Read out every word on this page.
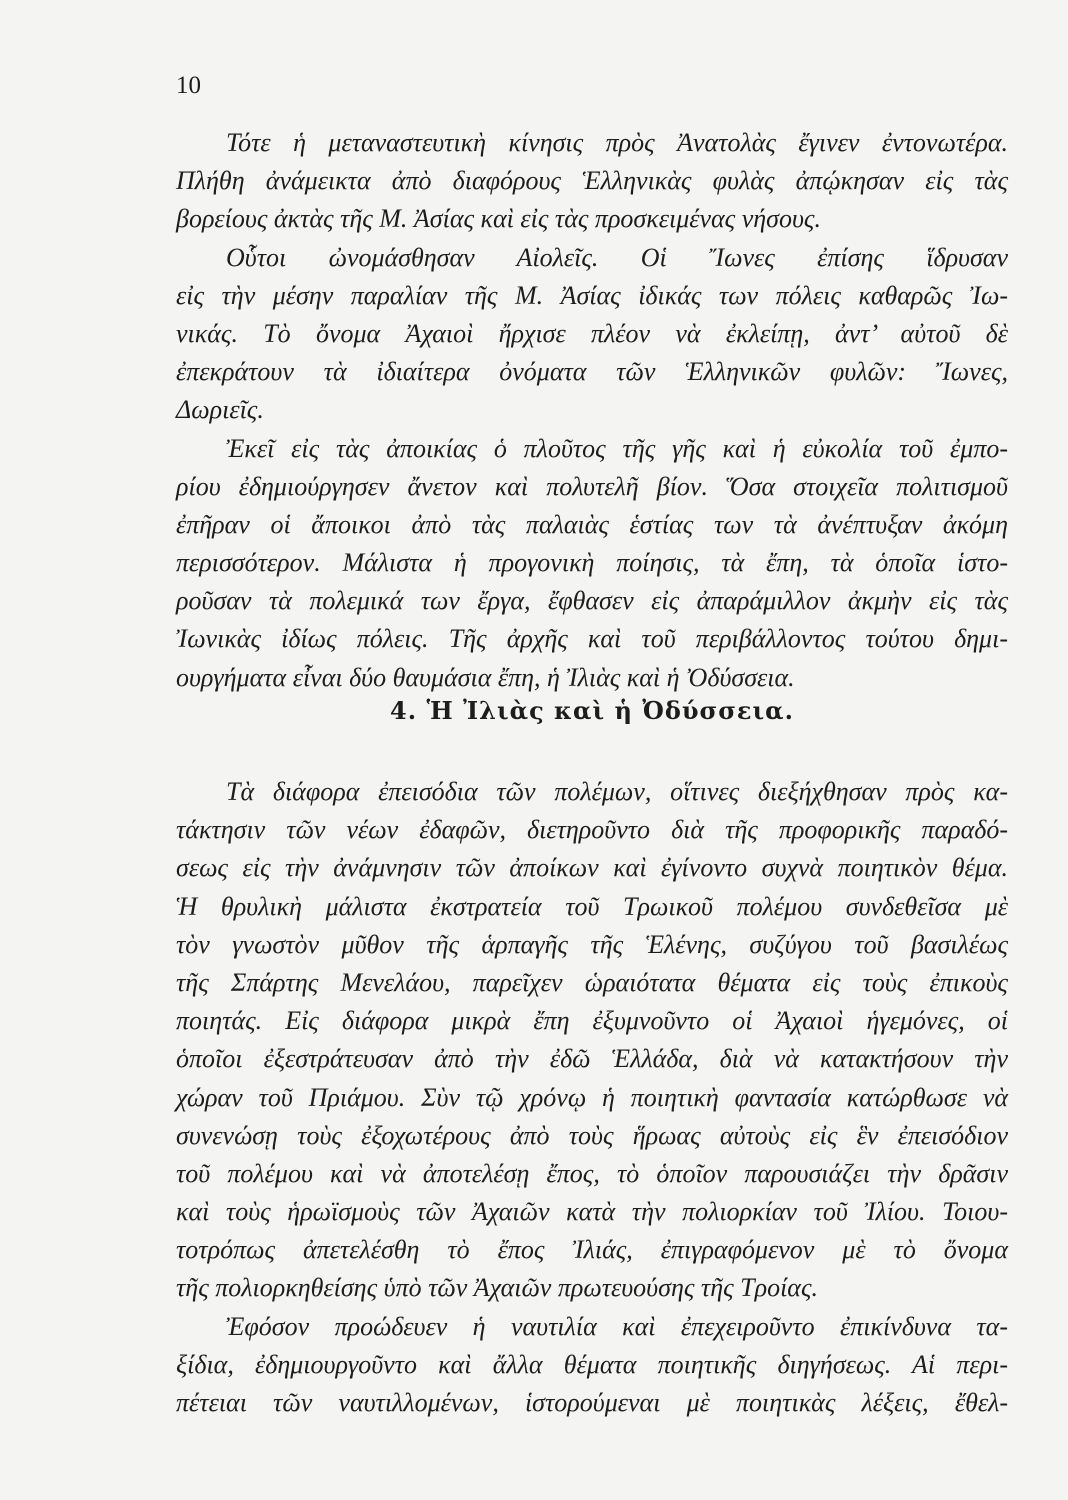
10
Τότε ἡ μεταναστευτικὴ κίνησις πρὸς Ἀνατολὰς ἔγινεν ἐντονωτέρα.
Πλήθη ἀνάμεικτα ἀπὸ διαφόρους Ἑλληνικὰς φυλὰς ἀπῴκησαν εἰς τὰς
βορείους ἀκτὰς τῆς Μ. Ἀσίας καὶ εἰς τὰς προσκειμένας νήσους.
Οὗτοι ὠνομάσθησαν Αἰολεῖς. Οἱ Ἴωνες ἐπίσης ἵδρυσαν
εἰς τὴν μέσην παραλίαν τῆς Μ. Ἀσίας ἰδικάς των πόλεις καθαρῶς Ἰω-
νικάς. Τὸ ὄνομα Ἀχαιοὶ ἤρχισε πλέον νὰ ἐκλείπῃ, ἀντ’ αὐτοῦ δὲ
ἐπεκράτουν τὰ ἰδιαίτερα ὀνόματα τῶν Ἑλληνικῶν φυλῶν: Ἴωνες,
Δωριεῖς.
Ἐκεῖ εἰς τὰς ἀποικίας ὁ πλοῦτος τῆς γῆς καὶ ἡ εὐκολία τοῦ ἐμπο-
ρίου ἐδημιούργησεν ἄνετον καὶ πολυτελῆ βίον. Ὅσα στοιχεῖα πολιτισμοῦ
ἐπῆραν οἱ ἄποικοι ἀπὸ τὰς παλαιὰς ἑστίας των τὰ ἀνέπτυξαν ἀκόμη
περισσότερον. Μάλιστα ἡ προγονικὴ ποίησις, τὰ ἔπη, τὰ ὁποῖα ἱστο-
ροῦσαν τὰ πολεμικά των ἔργα, ἔφθασεν εἰς ἀπαράμιλλον ἀκμὴν εἰς τὰς
Ἰωνικὰς ἰδίως πόλεις. Τῆς ἀρχῆς καὶ τοῦ περιβάλλοντος τούτου δημι-
ουργήματα εἶναι δύο θαυμάσια ἔπη, ἡ Ἰλιὰς καὶ ἡ Ὀδύσσεια.
4. Ἡ Ἰλιὰς καὶ ἡ Ὀδύσσεια.
Τὰ διάφορα ἐπεισόδια τῶν πολέμων, οἵτινες διεξήχθησαν πρὸς κα-
τάκτησιν τῶν νέων ἐδαφῶν, διετηροῦντο διὰ τῆς προφορικῆς παραδό-
σεως εἰς τὴν ἀνάμνησιν τῶν ἀποίκων καὶ ἐγίνοντο συχνὰ ποιητικὸν θέμα.
Ἡ θρυλικὴ μάλιστα ἐκστρατεία τοῦ Τρωικοῦ πολέμου συνδεθεῖσα μὲ
τὸν γνωστὸν μῦθον τῆς ἁρπαγῆς τῆς Ἑλένης, συζύγου τοῦ βασιλέως
τῆς Σπάρτης Μενελάου, παρεῖχεν ὡραιότατα θέματα εἰς τοὺς ἐπικοὺς
ποιητάς. Εἰς διάφορα μικρὰ ἔπη ἐξυμνοῦντο οἱ Ἀχαιοὶ ἡγεμόνες, οἱ
ὁποῖοι ἐξεστράτευσαν ἀπὸ τὴν ἐδῶ Ἑλλάδα, διὰ νὰ κατακτήσουν τὴν
χώραν τοῦ Πριάμου. Σὺν τῷ χρόνῳ ἡ ποιητικὴ φαντασία κατώρθωσε νὰ
συνενώσῃ τοὺς ἐξοχωτέρους ἀπὸ τοὺς ἥρωας αὐτοὺς εἰς ἓν ἐπεισόδιον
τοῦ πολέμου καὶ νὰ ἀποτελέσῃ ἔπος, τὸ ὁποῖον παρουσιάζει τὴν δρᾶσιν
καὶ τοὺς ἡρωϊσμοὺς τῶν Ἀχαιῶν κατὰ τὴν πολιορκίαν τοῦ Ἰλίου. Τοιου-
τοτρόπως ἀπετελέσθη τὸ ἔπος Ἰλιάς, ἐπιγραφόμενον μὲ τὸ ὄνομα
τῆς πολιορκηθείσης ὑπὸ τῶν Ἀχαιῶν πρωτευούσης τῆς Τροίας.
Ἐφόσον προώδευεν ἡ ναυτιλία καὶ ἐπεχειροῦντο ἐπικίνδυνα τα-
ξίδια, ἐδημιουργοῦντο καὶ ἄλλα θέματα ποιητικῆς διηγήσεως. Αἱ περι-
πέτειαι τῶν ναυτιλλομένων, ἱστορούμεναι μὲ ποιητικὰς λέξεις, ἔθελ-
